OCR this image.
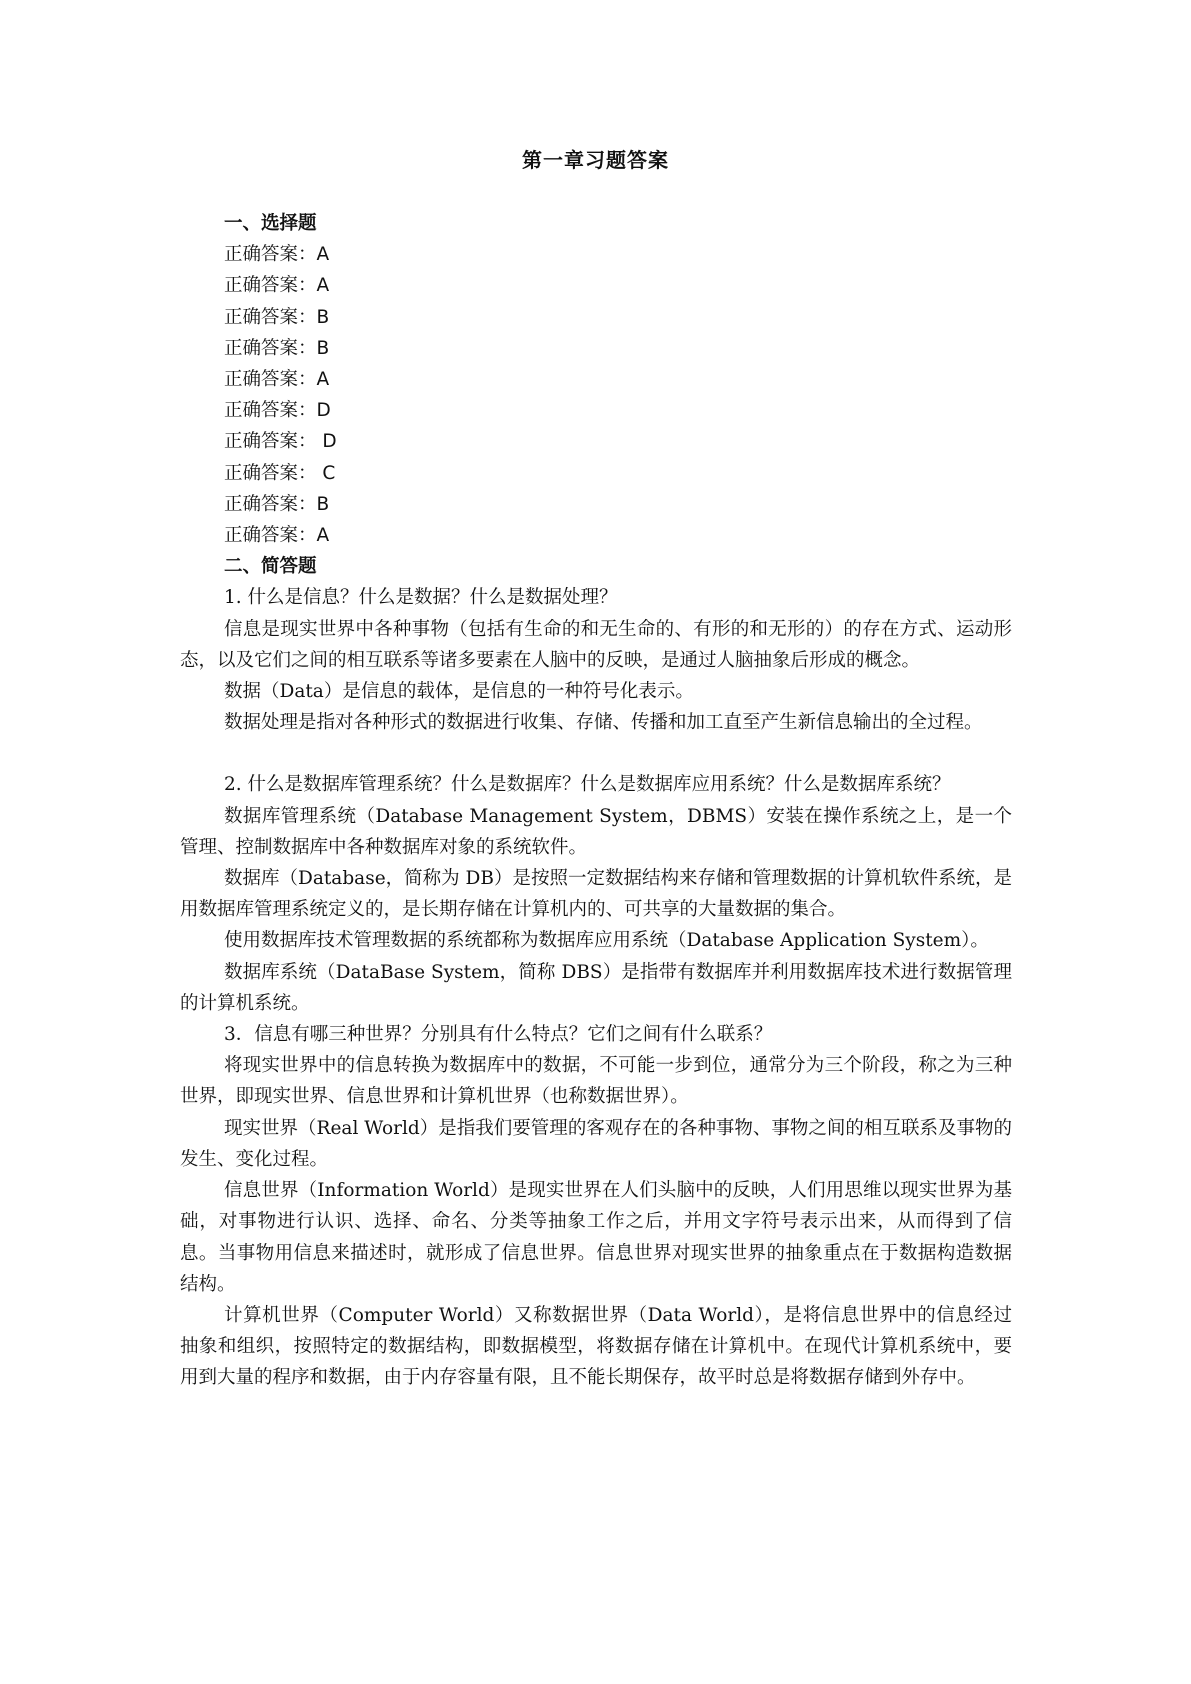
第一章习题答案

一、选择题

正确答案：A

正确答案：A

正确答案：B

正确答案：B

正确答案：A

正确答案：D

正确答案： D

正确答案： C

正确答案：B

正确答案：A

二、简答题

1. 什么是信息？什么是数据？什么是数据处理？

信息是现实世界中各种事物（包括有生命的和无生命的、有形的和无形的）的存在方式、运动形态，以及它们之间的相互联系等诸多要素在人脑中的反映，是通过人脑抽象后形成的概念。

数据（Data）是信息的载体，是信息的一种符号化表示。

数据处理是指对各种形式的数据进行收集、存储、传播和加工直至产生新信息输出的全过程。

2. 什么是数据库管理系统？什么是数据库？什么是数据库应用系统？什么是数据库系统？

数据库管理系统（Database Management System，DBMS）安装在操作系统之上，是一个管理、控制数据库中各种数据库对象的系统软件。

数据库（Database，简称为 DB）是按照一定数据结构来存储和管理数据的计算机软件系统，是用数据库管理系统定义的，是长期存储在计算机内的、可共享的大量数据的集合。

使用数据库技术管理数据的系统都称为数据库应用系统（Database Application System）。

数据库系统（DataBase System，简称 DBS）是指带有数据库并利用数据库技术进行数据管理的计算机系统。

3．信息有哪三种世界？分别具有什么特点？它们之间有什么联系？

将现实世界中的信息转换为数据库中的数据，不可能一步到位，通常分为三个阶段，称之为三种世界，即现实世界、信息世界和计算机世界（也称数据世界）。

现实世界（Real World）是指我们要管理的客观存在的各种事物、事物之间的相互联系及事物的发生、变化过程。

信息世界（Information World）是现实世界在人们头脑中的反映，人们用思维以现实世界为基础，对事物进行认识、选择、命名、分类等抽象工作之后，并用文字符号表示出来，从而得到了信息。当事物用信息来描述时，就形成了信息世界。信息世界对现实世界的抽象重点在于数据构造数据结构。

计算机世界（Computer World）又称数据世界（Data World），是将信息世界中的信息经过抽象和组织，按照特定的数据结构，即数据模型，将数据存储在计算机中。在现代计算机系统中，要用到大量的程序和数据，由于内存容量有限，且不能长期保存，故平时总是将数据存储到外存中。
